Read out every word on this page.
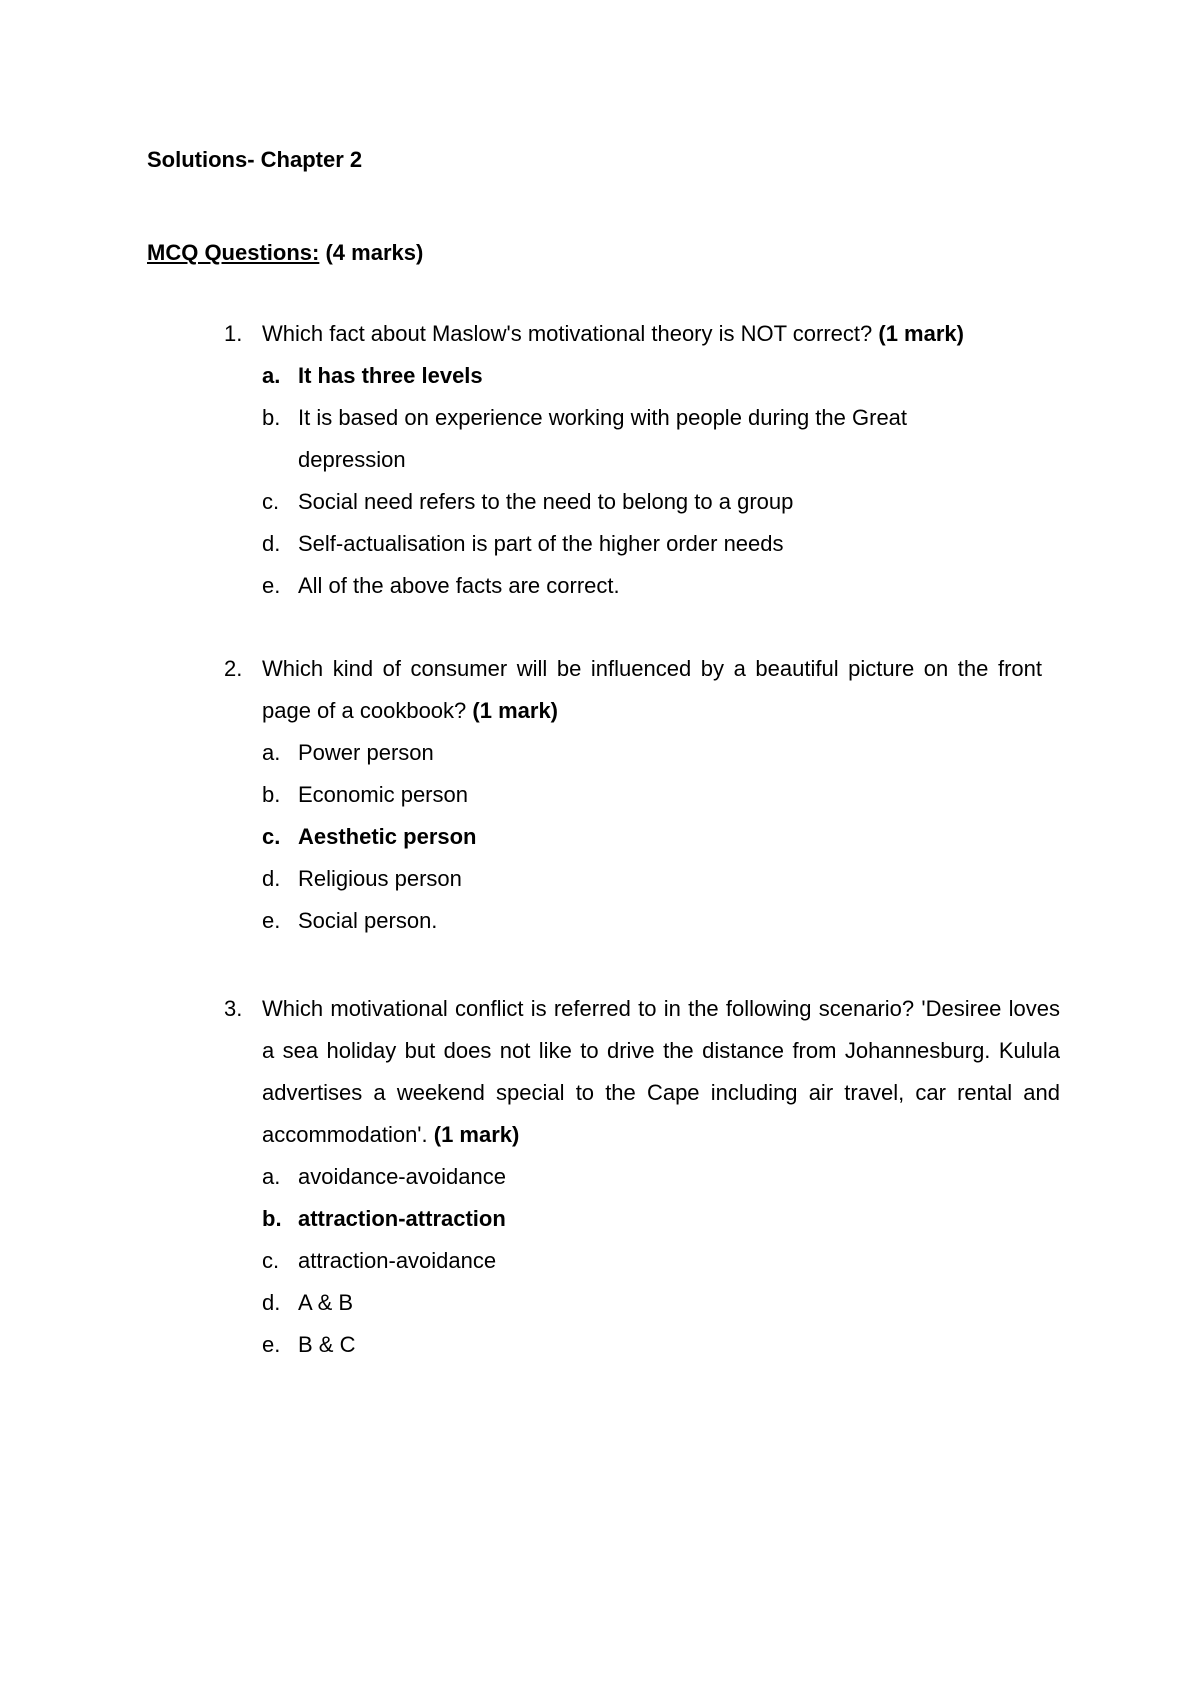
Solutions- Chapter 2
MCQ Questions: (4 marks)
1. Which fact about Maslow's motivational theory is NOT correct? (1 mark)
a. It has three levels
b. It is based on experience working with people during the Great depression
c. Social need refers to the need to belong to a group
d. Self-actualisation is part of the higher order needs
e. All of the above facts are correct.
2. Which kind of consumer will be influenced by a beautiful picture on the front page of a cookbook? (1 mark)
a. Power person
b. Economic person
c. Aesthetic person
d. Religious person
e. Social person.
3. Which motivational conflict is referred to in the following scenario? 'Desiree loves a sea holiday but does not like to drive the distance from Johannesburg. Kulula advertises a weekend special to the Cape including air travel, car rental and accommodation'. (1 mark)
a. avoidance-avoidance
b. attraction-attraction
c. attraction-avoidance
d. A & B
e. B & C
